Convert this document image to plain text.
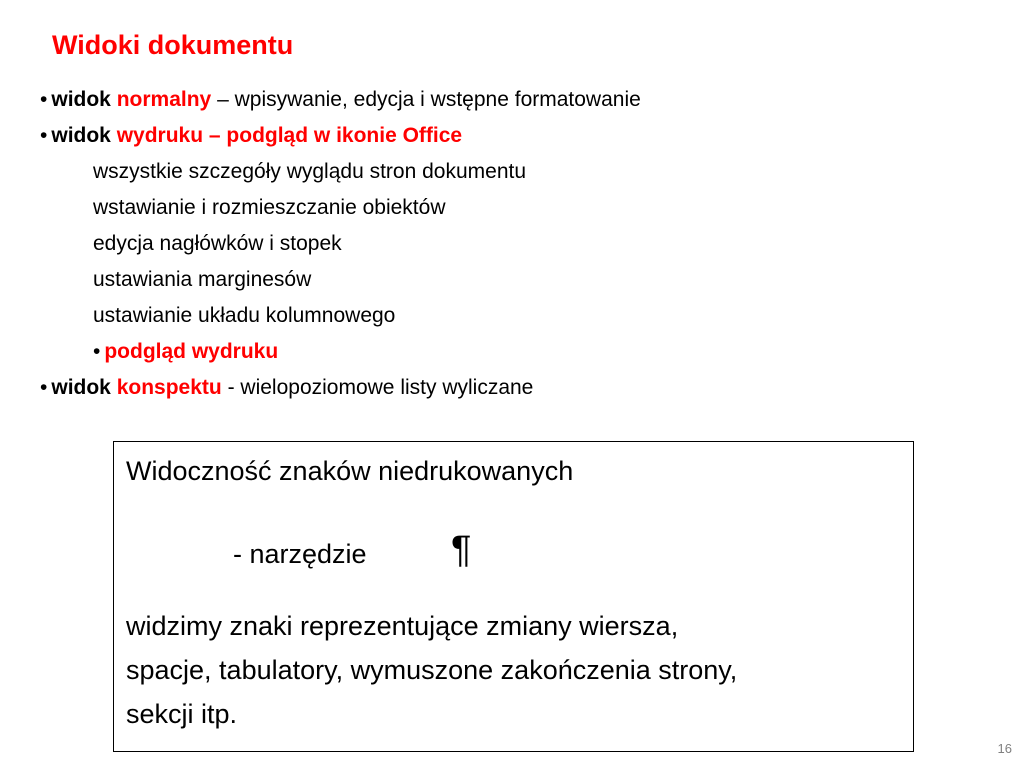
Widoki dokumentu
• widok normalny – wpisywanie, edycja i wstępne formatowanie
• widok wydruku – podgląd w ikonie Office
wszystkie szczegóły wyglądu stron dokumentu
wstawianie i rozmieszczanie obiektów
edycja nagłówków i stopek
ustawiania marginesów
ustawianie układu kolumnowego
• podgląd wydruku
• widok konspektu - wielopoziomowe listy wyliczane
Widoczność znaków niedrukowanych
- narzędzie ¶
widzimy znaki reprezentujące zmiany wiersza,
spacje, tabulatory, wymuszone zakończenia strony,
sekcji itp.
16
